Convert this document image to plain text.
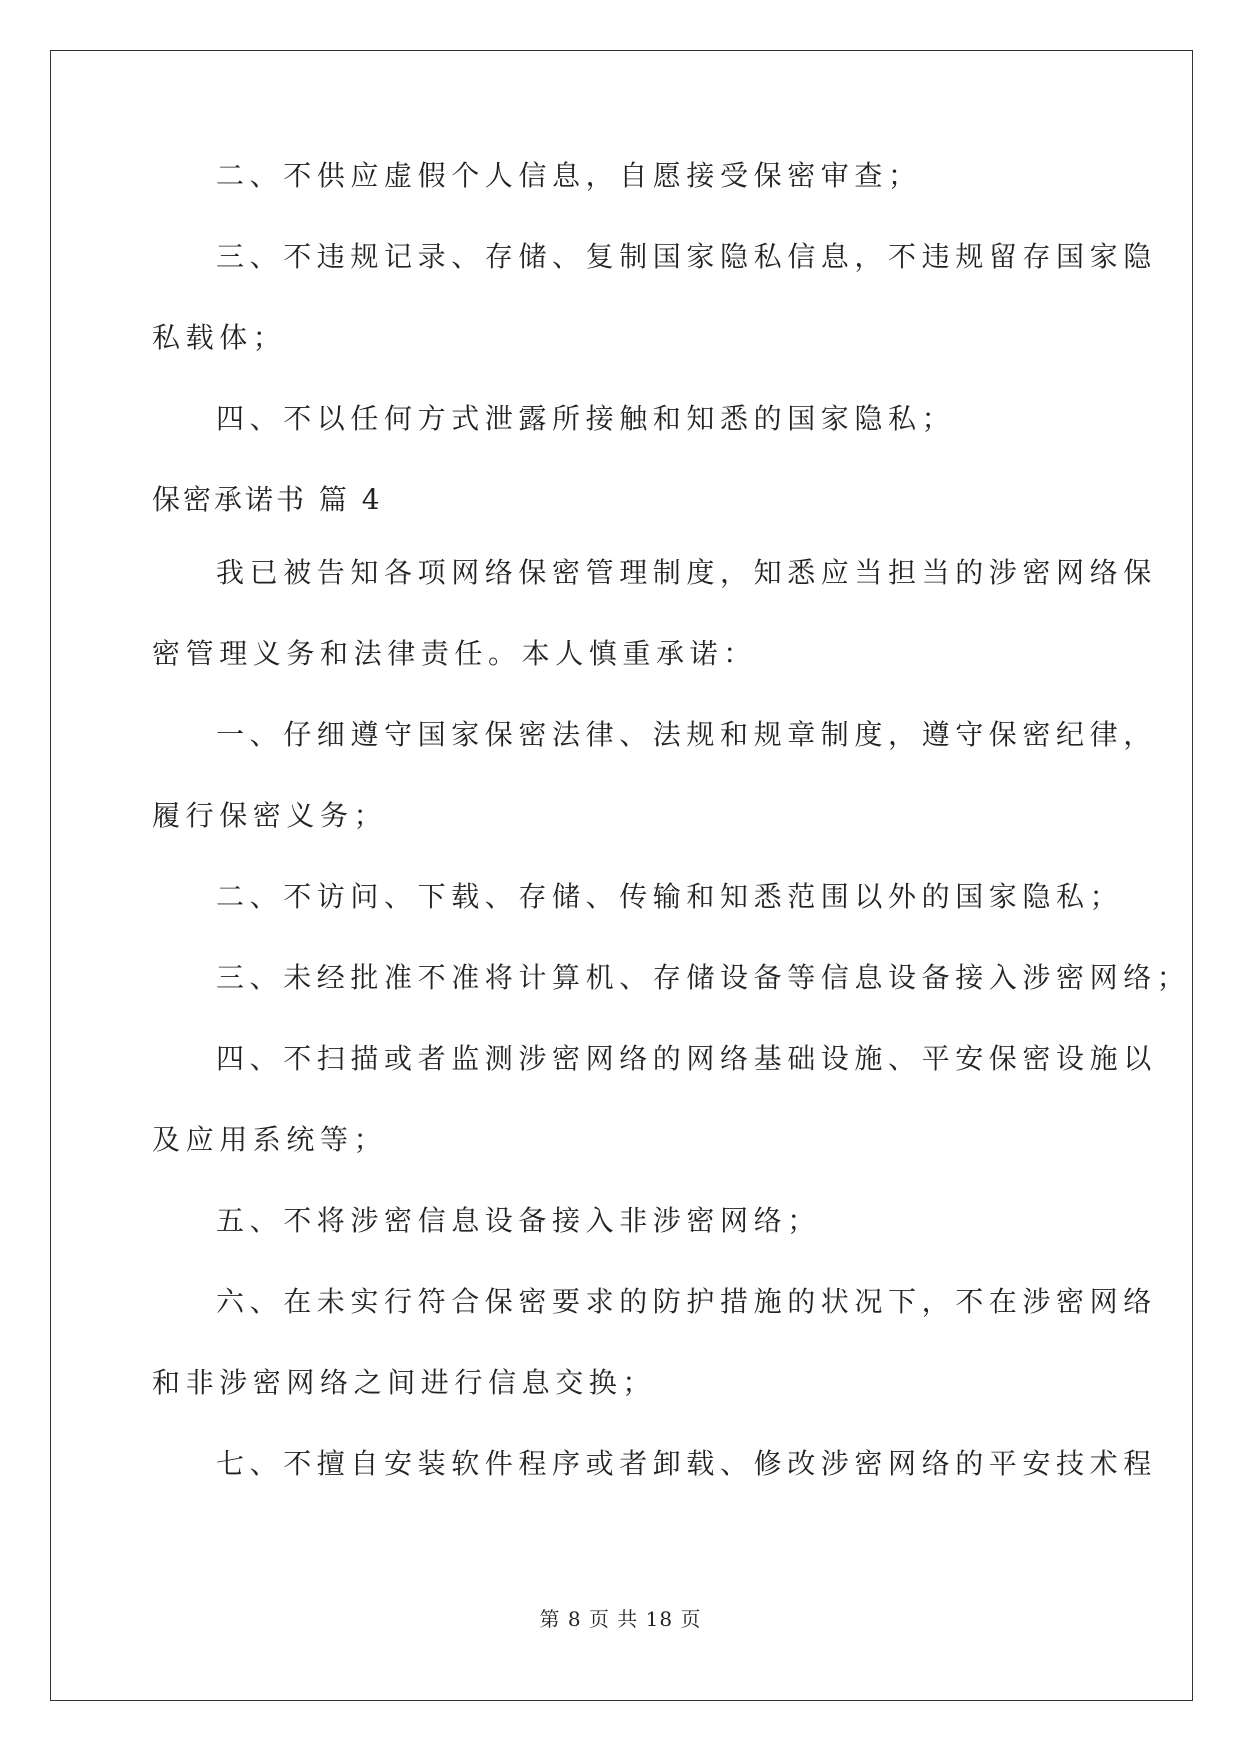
二、不供应虚假个人信息，自愿接受保密审查；
三、不违规记录、存储、复制国家隐私信息，不违规留存国家隐
私载体；
四、不以任何方式泄露所接触和知悉的国家隐私；
保密承诺书 篇 4
我已被告知各项网络保密管理制度，知悉应当担当的涉密网络保
密管理义务和法律责任。本人慎重承诺：
一、仔细遵守国家保密法律、法规和规章制度，遵守保密纪律，
履行保密义务；
二、不访问、下载、存储、传输和知悉范围以外的国家隐私；
三、未经批准不准将计算机、存储设备等信息设备接入涉密网络；
四、不扫描或者监测涉密网络的网络基础设施、平安保密设施以
及应用系统等；
五、不将涉密信息设备接入非涉密网络；
六、在未实行符合保密要求的防护措施的状况下，不在涉密网络
和非涉密网络之间进行信息交换；
七、不擅自安装软件程序或者卸载、修改涉密网络的平安技术程
第 8 页 共 18 页
